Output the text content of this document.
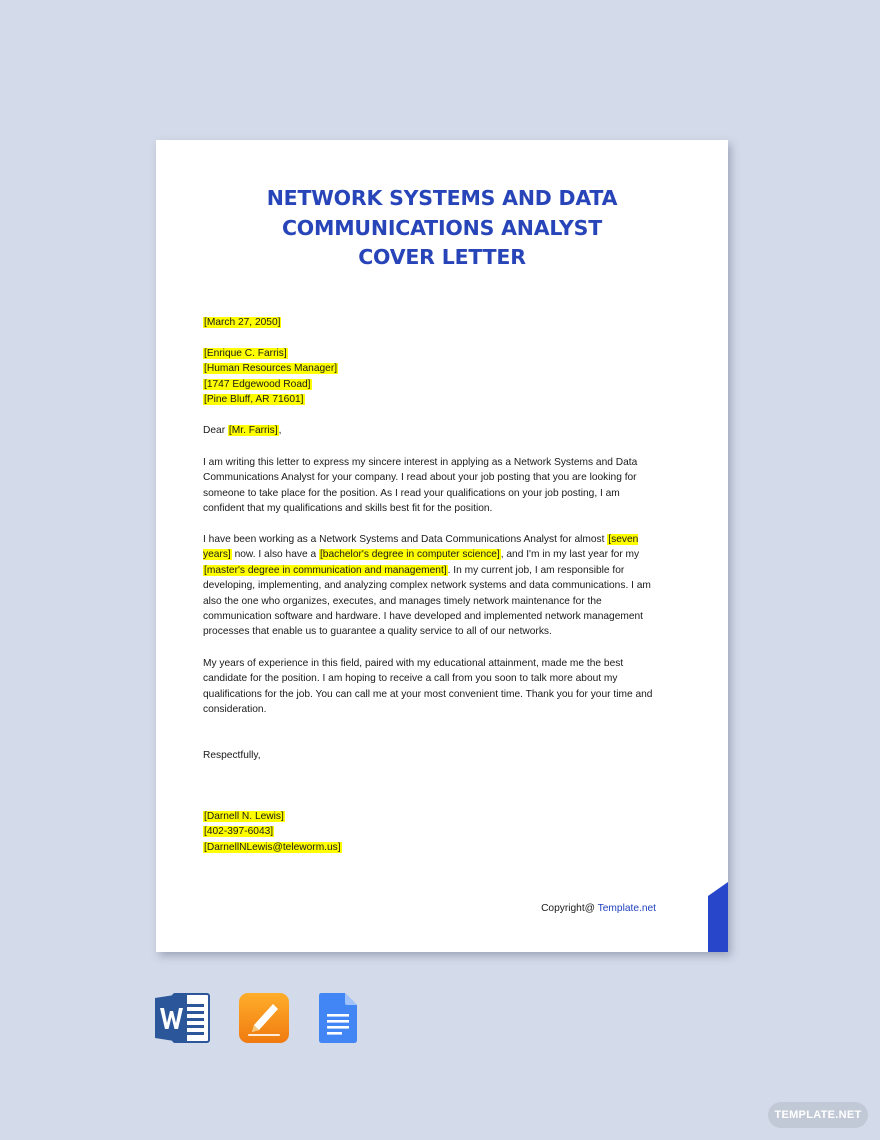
NETWORK SYSTEMS AND DATA
COMMUNICATIONS ANALYST
COVER LETTER
[March 27, 2050]
[Enrique C. Farris]
[Human Resources Manager]
[1747 Edgewood Road]
[Pine Bluff, AR 71601]
Dear [Mr. Farris],
I am writing this letter to express my sincere interest in applying as a Network Systems and Data Communications Analyst for your company. I read about your job posting that you are looking for someone to take place for the position. As I read your qualifications on your job posting, I am confident that my qualifications and skills best fit for the position.
I have been working as a Network Systems and Data Communications Analyst for almost [seven years] now. I also have a [bachelor's degree in computer science], and I'm in my last year for my [master's degree in communication and management]. In my current job, I am responsible for developing, implementing, and analyzing complex network systems and data communications. I am also the one who organizes, executes, and manages timely network maintenance for the communication software and hardware. I have developed and implemented network management processes that enable us to guarantee a quality service to all of our networks.
My years of experience in this field, paired with my educational attainment, made me the best candidate for the position. I am hoping to receive a call from you soon to talk more about my qualifications for the job. You can call me at your most convenient time. Thank you for your time and consideration.
Respectfully,
[Darnell N. Lewis]
[402-397-6043]
[DarnellNLewis@teleworm.us]
Copyright@ Template.net
TEMPLATE.NET
